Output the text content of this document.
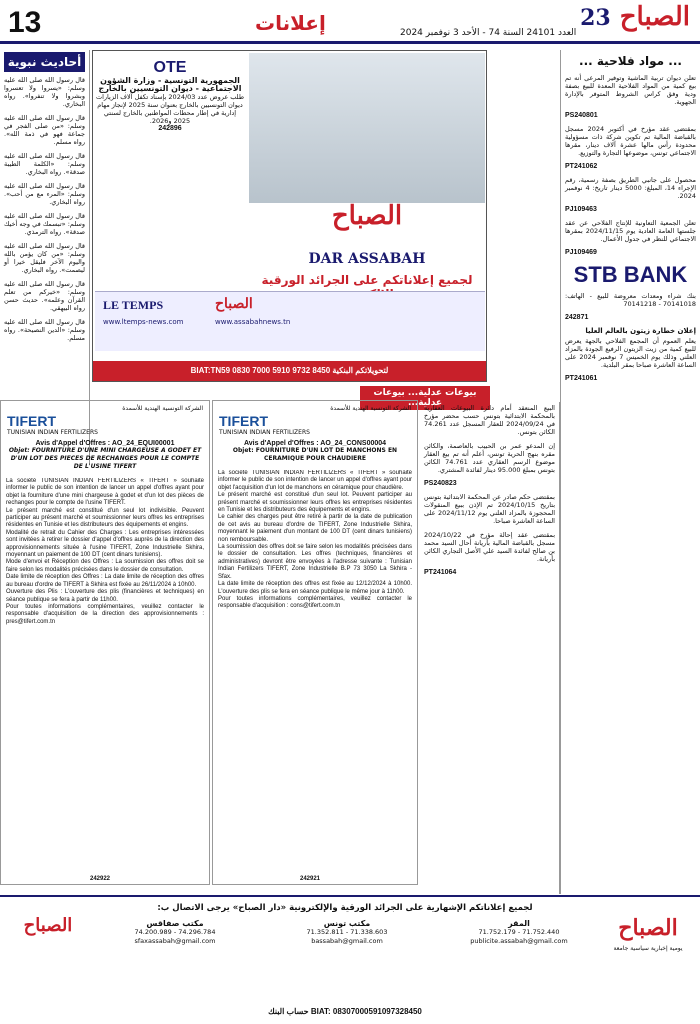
13	إعلانات	العدد 24101 السنة 74 - الأحد 3 نوفمبر 2024
23 الصباح
... مواد فلاحية ...

تعلن ديوان تربية الماشية وتوفير المرعى أنه تم بيع كمية من المواد الفلاحية المعدة للبيع بصفة ودية وفق كراس الشروط المتوفر بالإدارة الجهوية.

PS240801

بمقتضى عقد مؤرخ في أكتوبر 2024 مسجل بالقباضة المالية تم تكوين شركة ذات مسؤولية محدودة رأس مالها عشرة آلاف دينار، مقرها الاجتماعي تونس، موضوعها التجارة والتوزيع.

PT241062

محصول على جانبي الطريق بصفة رسمية، رقم الإجراء 14، المبلغ: 5000 دينار تاريخ: 4 نوفمبر 2024.

PJ109463

تعلن الجمعية التعاونية للإنتاج الفلاحي عن عقد جلستها العامة العادية يوم 2024/11/15 بمقرها الاجتماعي للنظر في جدول الأعمال.

PJ109469
STB BANK

بنك شراء ومعدات معروضة للبيع - الهاتف: 70141018 - 70141218

242871
إعلان خطارة زيتون بالعالم العليا

يعلم العموم أن المجمع الفلاحي بالجهة يعرض للبيع كمية من زيت الزيتون الرفيع الجودة بالمزاد العلني وذلك يوم الخميس 7 نوفمبر 2024 على الساعة العاشرة صباحا بمقر البلدية.

PT241061
أحاديث نبوية

قال رسول الله صلى الله عليه وسلم: «يسروا ولا تعسروا وبشروا ولا تنفروا». رواه البخاري.

قال رسول الله صلى الله عليه وسلم: «من صلى الفجر في جماعة فهو في ذمة الله». رواه مسلم.

قال رسول الله صلى الله عليه وسلم: «الكلمة الطيبة صدقة». رواه البخاري.

قال رسول الله صلى الله عليه وسلم: «المرء مع من أحب». رواه البخاري.

قال رسول الله صلى الله عليه وسلم: «تبسمك في وجه أخيك صدقة». رواه الترمذي.

قال رسول الله صلى الله عليه وسلم: «من كان يؤمن بالله واليوم الآخر فليقل خيرا أو ليصمت». رواه البخاري.

قال رسول الله صلى الله عليه وسلم: «خيركم من تعلم القرآن وعلمه». حديث حسن رواه البيهقي.

قال رسول الله صلى الله عليه وسلم: «الدين النصيحة». رواه مسلم.

الصباح
DAR ASSABAH
لجميع إعلاناتكم على الجرائد الورقية
OTE
الجمهورية التونسية - وزارة الشؤون الاجتماعية - ديوان التونسيين بالخارج
طلب عروض عدد 2024/03 بإسناد تكفل آلاف الزيارات ديوان التونسيين بالخارج بعنوان سنة 2025 لإنجاز مهام إدارية في إطار محطات المواطنين بالخارج لسنتي 2025 و2026.
242896
LE TEMPS
www.ltemps-news.com	www.assabahnews.tn
الصباح
BIAT:TN59 0830 7000 5910 9732 8450 لتحويلاتكم البنكية
بيوعات عدلية... بيوعات عدلية...

البيع المنعقد أمام دائرة البيوعات العقارية بالمحكمة الابتدائية بتونس حسب محضر مؤرخ في 2024/09/24 للعقار المسجل عدد 74.261 الكائن بتونس.

إن المدعو عمر بن الحبيب بالعاصمة، والكائن مقره بنهج الحرية تونس، أعلم أنه تم بيع العقار موضوع الرسم العقاري عدد 74.761 الكائن بتونس بمبلغ 95.000 دينار لفائدة المشتري.

PS240823

بمقتضى حكم صادر عن المحكمة الابتدائية بتونس بتاريخ 2024/10/15 تم الإذن ببيع المنقولات المحجوزة بالمزاد العلني يوم 2024/11/12 على الساعة العاشرة صباحا.

بمقتضى عقد إحالة مؤرخ في 2024/10/22 مسجل بالقباضة المالية بأريانة أحال السيد محمد بن صالح لفائدة السيد علي الأصل التجاري الكائن بأريانة.

PT241064
الشركة التونسية الهندية للأسمدة
TIFERT
TUNISIAN INDIAN FERTILIZERS
Avis d'Appel d'Offres : AO_24_CONS00004
Objet: FOURNITURE D'UN LOT DE MANCHONS EN CERAMIQUE POUR CHAUDIERE

La société TUNISIAN INDIAN FERTILIZERS « TIFERT » souhaite informer le public de son intention de lancer un appel d'offres ayant pour objet l'acquisition d'un lot de manchons en céramique pour chaudière.

Le présent marché est constitué d'un seul lot. Peuvent participer au présent marché et soumissionner leurs offres les entreprises résidentes en Tunisie et les distributeurs des équipements et engins.

Le cahier des charges peut être retiré à partir de la date de publication de cet avis au bureau d'ordre de TIFERT, Zone Industrielle Skhira, moyennant le paiement d'un montant de 100 DT (cent dinars tunisiens) non remboursable.

La soumission des offres doit se faire selon les modalités précisées dans le dossier de consultation. Les offres (techniques, financières et administratives) devront être envoyées à l'adresse suivante : Tunisian Indian Fertilizers TIFERT, Zone Industrielle B.P 73 3050 La Skhira - Sfax.

La date limite de réception des offres est fixée au 12/12/2024 à 10h00. L'ouverture des plis se fera en séance publique le même jour à 11h00.

Pour toutes informations complémentaires, veuillez contacter le responsable d'acquisition : cons@tifert.com.tn

242921
الشركة التونسية الهندية للأسمدة
TIFERT
TUNISIAN INDIAN FERTILIZERS
Avis d'Appel d'Offres : AO_24_EQUI00001
Objet: FOURNITURE D'UNE MINI CHARGEUSE A GODET ET D'UN LOT DES PIECES DE RECHANGES POUR LE COMPTE DE L'USINE TIFERT

La société TUNISIAN INDIAN FERTILIZERS « TIFERT » souhaite informer le public de son intention de lancer un appel d'offres ayant pour objet la fourniture d'une mini chargeuse à godet et d'un lot des pièces de rechanges pour le compte de l'usine TIFERT.

Le présent marché est constitué d'un seul lot indivisible. Peuvent participer au présent marché et soumissionner leurs offres les entreprises résidentes en Tunisie et les distributeurs des équipements et engins.

Modalité de retrait du Cahier des Charges : Les entreprises intéressées sont invitées à retirer le dossier d'appel d'offres auprès de la direction des approvisionnements située à l'usine TIFERT, Zone Industrielle Skhira, moyennant un paiement de 100 DT (cent dinars tunisiens).

Mode d'envoi et Réception des Offres : La soumission des offres doit se faire selon les modalités précisées dans le dossier de consultation.

Date limite de réception des Offres : La date limite de réception des offres au bureau d'ordre de TIFERT à Skhira est fixée au 26/11/2024 à 10h00.

Ouverture des Plis : L'ouverture des plis (financières et techniques) en séance publique se fera à partir de 11h00.

Pour toutes informations complémentaires, veuillez contacter le responsable d'acquisition de la direction des approvisionnements : pres@tifert.com.tn

242922
الصباح
لجميع إعلاناتكم الإشهارية على الجرائد الورقية والإلكترونية «دار الصباح» يرجى الاتصال ب:
مكتب صفاقس
74.296.784 - 74.200.989
sfaxassabah@gmail.com
مكتب تونس
71.338.603 - 71.352.811
bassabah@gmail.com
المقر
71.752.440 - 71.752.179
publicite.assabah@gmail.com	الصباح
يومية إخبارية سياسية جامعة
BIAT: 08307000591097328450 حساب البنك
